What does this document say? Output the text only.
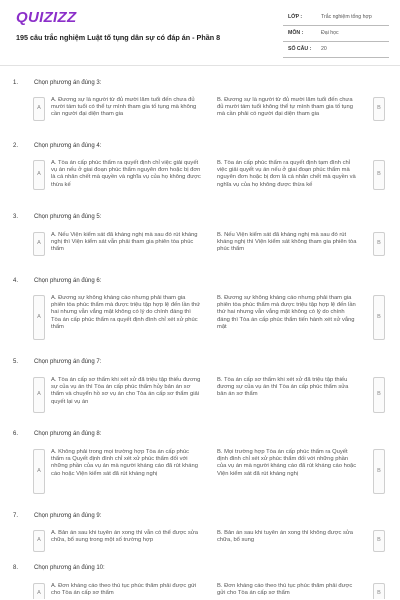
QUIZIZZ
195 câu trắc nghiệm Luật tố tụng dân sự có đáp án - Phần 8
LỚP :	Trắc nghiệm tổng hợp
MÔN :	Đại học
SỐ CÂU : 20
1.	Chọn phương án đúng 3:
A
A. Đương sự là người từ đủ mười lăm tuổi đến chưa đủ mười tám tuổi có thể tự mình tham gia tố tụng mà không cần người đại diện tham gia
B. Đương sự là người từ đủ mười lăm tuổi đến chưa đủ mười tám tuổi không thể tự mình tham gia tố tụng mà cần phải có người đại diện tham gia
B
2.	Chọn phương án đúng 4:
A
A. Tòa án cấp phúc thẩm ra quyết định chỉ việc giải quyết vụ án nếu ở giai đoạn phúc thẩm nguyên đơn hoặc bị đơn là cá nhân chết mà quyền và nghĩa vụ của họ không được thừa kế
B. Tòa án cấp phúc thẩm ra quyết định tạm đình chỉ việc giải quyết vụ án nếu ở giai đoạn phúc thẩm mà nguyên đơn hoặc bị đơn là cá nhân chết mà quyền và nghĩa vụ của họ không được thừa kế
B
3.	Chọn phương án đúng 5:
A
A. Nếu Viện kiểm sát đã kháng nghị mà sau đó rút kháng nghị thì Viện kiểm sát vẫn phải tham gia phiên tòa phúc thẩm
B. Nếu Viện kiểm sát đã kháng nghị mà sau đó rút kháng nghị thì Viện kiểm sát không tham gia phiên tòa phúc thẩm
B
4.	Chọn phương án đúng 6:
A
A. Đương sự không kháng cáo nhưng phải tham gia phiên tòa phúc thẩm mà được triệu tập hợp lệ đến lần thứ hai nhưng vẫn vắng mặt không có lý do chính đáng thì Tòa án cấp phúc thẩm ra quyết định đình chỉ xét xử phúc thẩm
B. Đương sự không kháng cáo nhưng phải tham gia phiên tòa phúc thẩm mà được triệu tập hợp lệ đến lần thứ hai nhưng vẫn vắng mặt không có lý do chính đáng thì Tòa án cấp phúc thẩm tiến hành xét xử vắng mặt
B
5.	Chọn phương án đúng 7:
A
A. Tòa án cấp sơ thẩm khi xét xử đã triệu tập thiếu đương sự của vụ án thì Tòa án cấp phúc thẩm hủy bản án sơ thẩm và chuyển hồ sơ vụ án cho Tòa án cấp sơ thẩm giải quyết lại vụ án
B. Tòa án cấp sơ thẩm khi xét xử đã triệu tập thiếu đương sự của vụ án thì Tòa án cấp phúc thẩm sửa bản án sơ thẩm	B
6.	Chọn phương án đúng 8:
A
A. Không phải trong mọi trường hợp Tòa án cấp phúc thẩm ra Quyết định đình chỉ xét xử phúc thẩm đối với những phần của vụ án mà người kháng cáo đã rút kháng cáo hoặc Viện kiểm sát đã rút kháng nghị
B. Mọi trường hợp Tòa án cấp phúc thẩm ra Quyết định đình chỉ xét xử phúc thẩm đối với những phần của vụ án mà người kháng cáo đã rút kháng cáo hoặc Viện kiểm sát đã rút kháng nghị
B
7.	Chọn phương án đúng 9:
A
A. Bản án sau khi tuyên án xong thì vẫn có thể được sửa chữa, bổ sung trong một số trường hợp
B. Bản án sau khi tuyên án xong thì không được sửa chữa, bổ sung	B
8.	Chọn phương án đúng 10:
A
A. Đơn kháng cáo theo thủ tục phúc thẩm phải được gửi cho Tòa án cấp sơ thẩm
B. Đơn kháng cáo theo thủ tục phúc thẩm phải được gửi cho Tòa án cấp sơ thẩm	B
